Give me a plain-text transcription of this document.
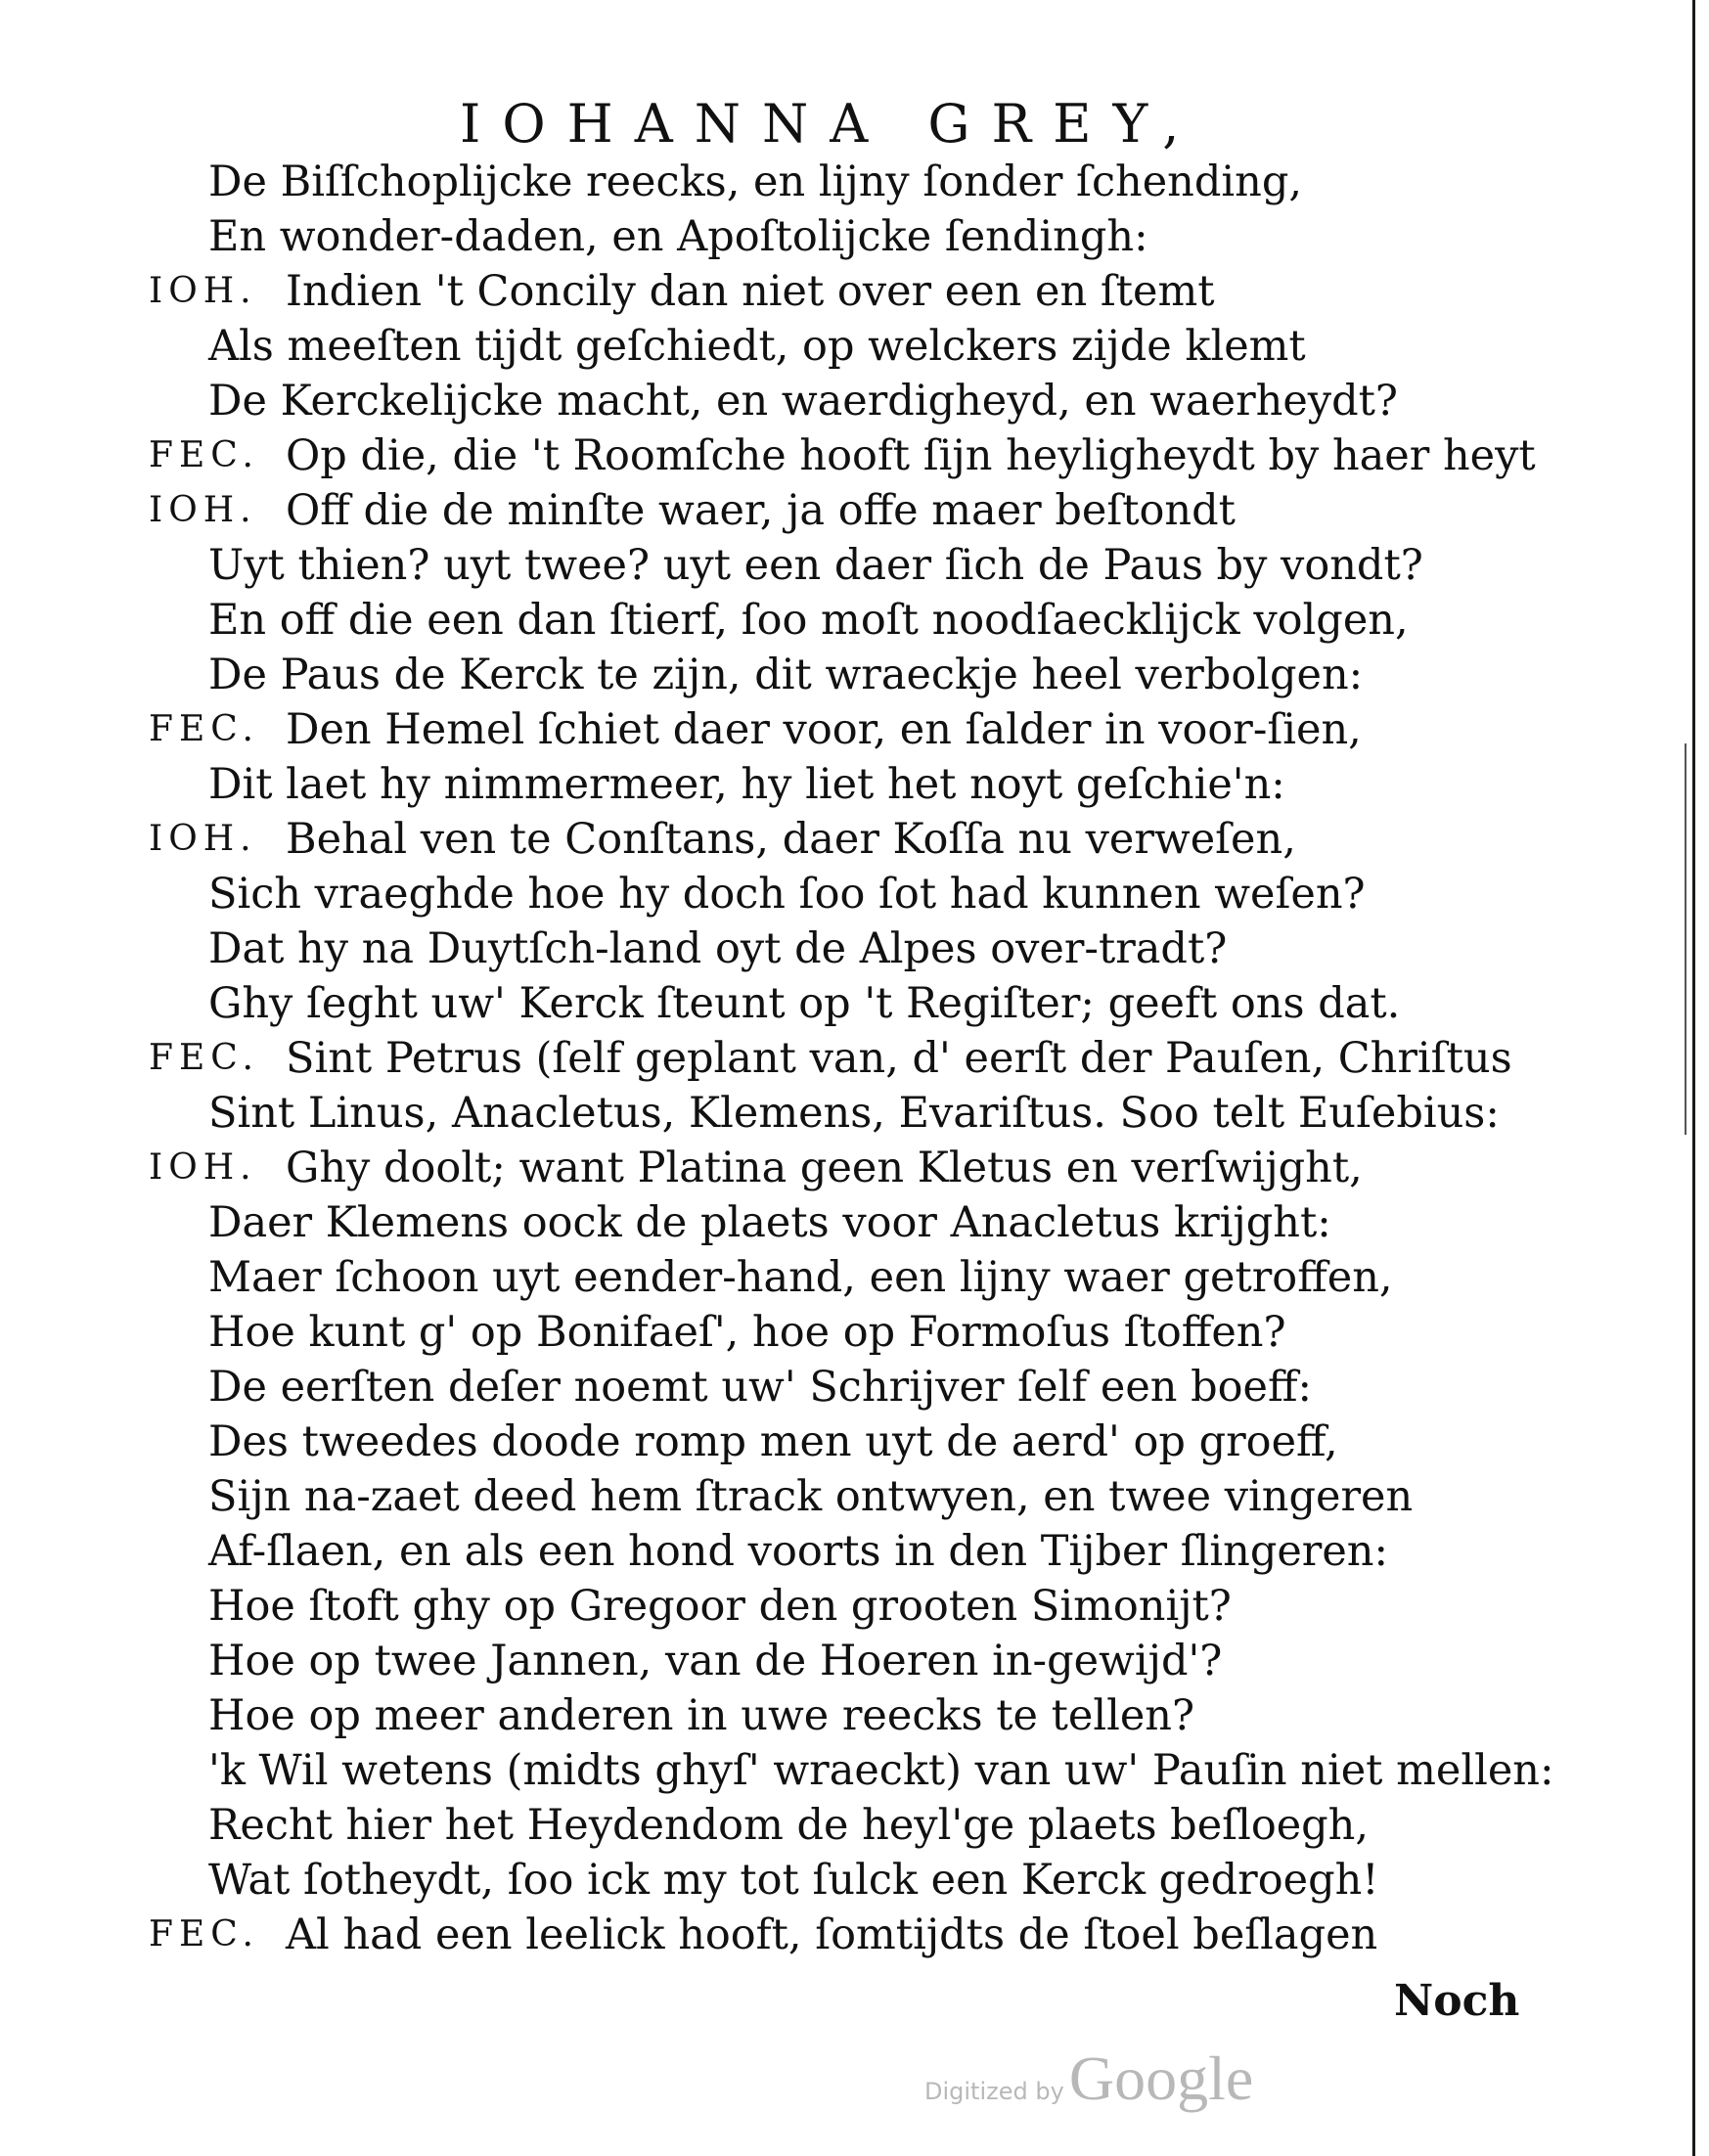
IOHANNA GREY,
De Biſſchoplijcke reecks, en lijny ſonder ſchending,
En wonder-daden, en Apoſtolijcke ſendingh:
IOH. Indien 't Concily dan niet over een en ſtemt
Als meeſten tijdt geſchiedt, op welckers zijde klemt
De Kerckelijcke macht, en waerdigheyd, en waerheydt?
FEC. Op die, die 't Roomſche hooft ſijn heyligheydt by haer heyt
IOH. Off die de minſte waer, ja offe maer beſtondt
Uyt thien? uyt twee? uyt een daer ſich de Paus by vondt?
En off die een dan ſtierf, ſoo moſt noodſaecklijck volgen,
De Paus de Kerck te zijn, dit wraeckje heel verbolgen:
FEC. Den Hemel ſchiet daer voor, en ſalder in voor-ſien,
Dit laet hy nimmermeer, hy liet het noyt geſchie'n:
IOH. Behal ven te Conſtans, daer Koſſa nu verweſen,
Sich vraeghde hoe hy doch ſoo ſot had kunnen weſen?
Dat hy na Duytſch-land oyt de Alpes over-tradt?
Ghy ſeght uw' Kerck ſteunt op 't Regiſter; geeft ons dat.
FEC. Sint Petrus (ſelf geplant van, d' eerſt der Pauſen, Chriſtus
Sint Linus, Anacletus, Klemens, Evariſtus. Soo telt Euſebius:
IOH. Ghy doolt; want Platina geen Kletus en verſwijght,
Daer Klemens oock de plaets voor Anacletus krijght:
Maer ſchoon uyt eender-hand, een lijny waer getroffen,
Hoe kunt g' op Bonifaeſ', hoe op Formoſus ſtoffen?
De eerſten deſer noemt uw' Schrijver ſelf een boeff:
Des tweedes doode romp men uyt de aerd' op groeff,
Sijn na-zaet deed hem ſtrack ontwyen, en twee vingeren
Af-ſlaen, en als een hond voorts in den Tijber ſlingeren:
Hoe ſtoft ghy op Gregoor den grooten Simonijt?
Hoe op twee Jannen, van de Hoeren in-gewijd'?
Hoe op meer anderen in uwe reecks te tellen?
'k Wil wetens (midts ghyſ' wraeckt) van uw' Pauſin niet mellen:
Recht hier het Heydendom de heyl'ge plaets beſloegh,
Wat ſotheydt, ſoo ick my tot ſulck een Kerck gedroegh!
FEC. Al had een leelick hooft, ſomtijdts de ſtoel beſlagen
Noch
Digitized by Google
